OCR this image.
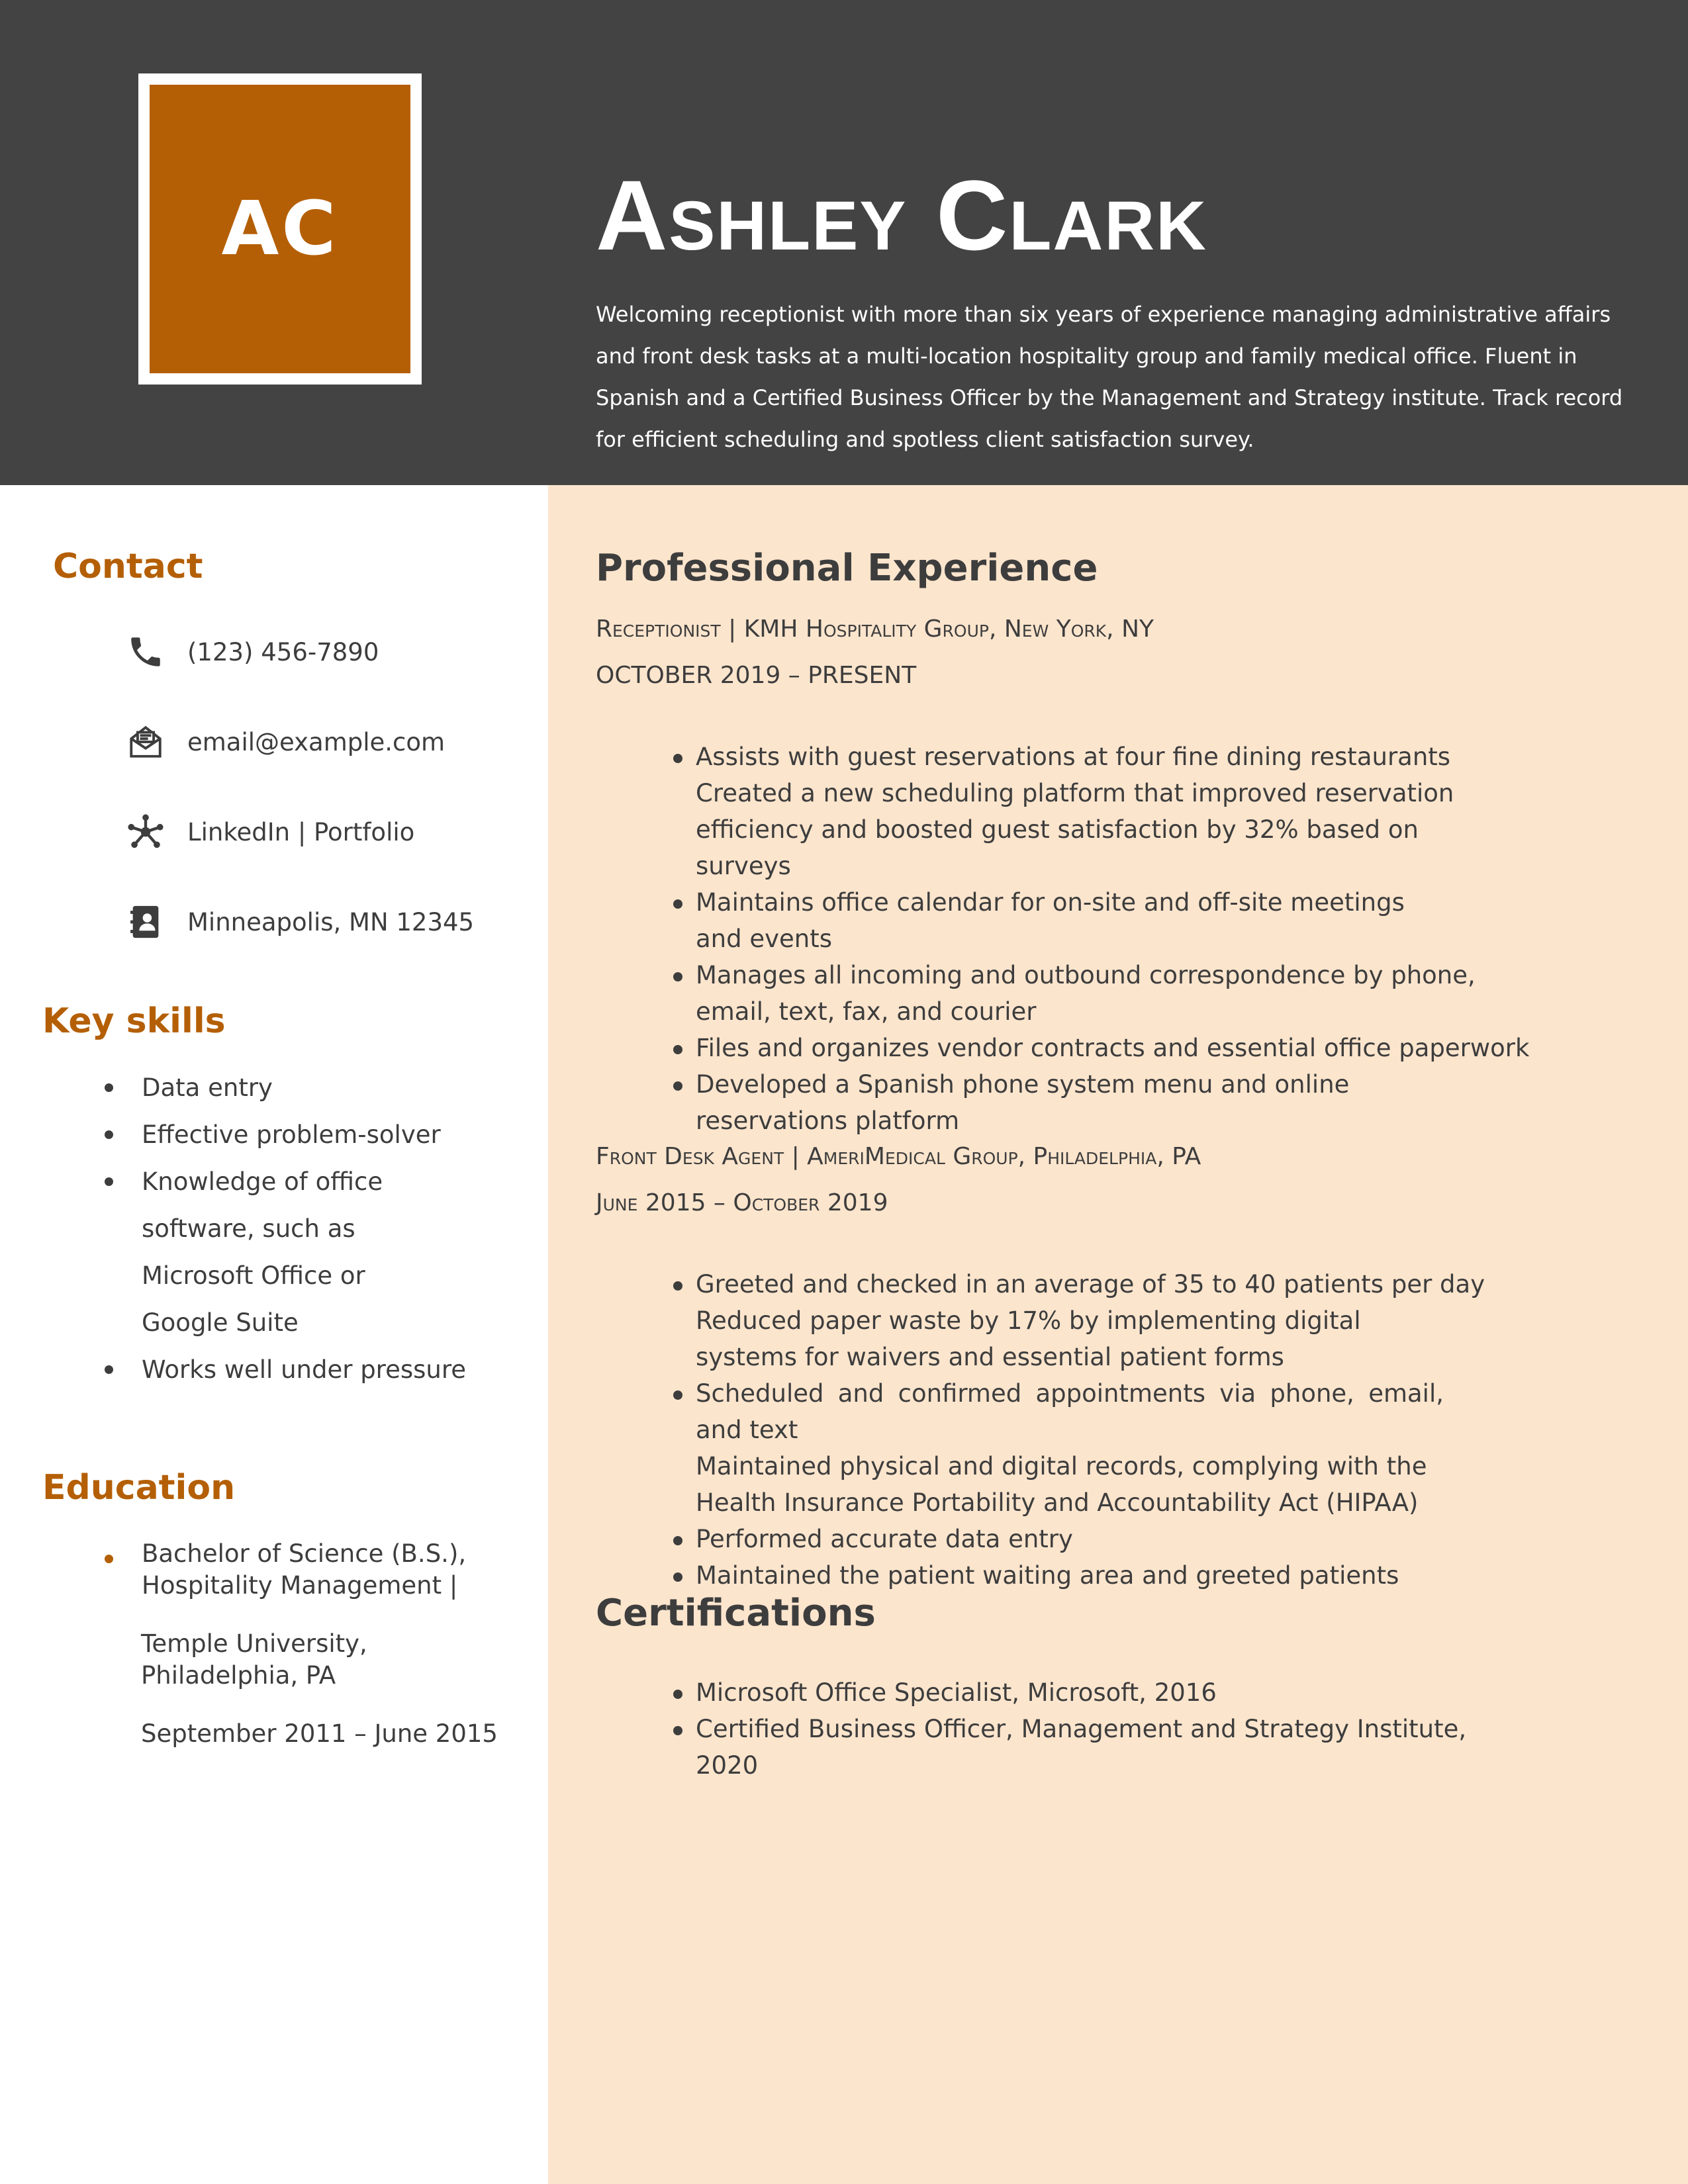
AC	Ashley Clark

Welcoming receptionist with more than six years of experience managing administrative affairs and front desk tasks at a multi-location hospitality group and family medical office. Fluent in Spanish and a Certified Business Officer by the Management and Strategy institute. Track record for efficient scheduling and spotless client satisfaction survey.

Contact
(123) 456-7890
email@example.com
LinkedIn | Portfolio
Minneapolis, MN 12345
Key skills
Data entry
Effective problem-solver
Knowledge of office software, such as Microsoft Office or Google Suite
Works well under pressure
Education
Bachelor of Science (B.S.), Hospitality Management |

Temple University, Philadelphia, PA

September 2011 – June 2015

Professional Experience

Receptionist | KMH Hospitality Group, New York, NY

OCTOBER 2019 – PRESENT

Assists with guest reservations at four fine dining restaurants
Created a new scheduling platform that improved reservation efficiency and boosted guest satisfaction by 32% based on surveys
Maintains office calendar for on-site and off-site meetings and events
Manages all incoming and outbound correspondence by phone, email, text, fax, and courier
Files and organizes vendor contracts and essential office paperwork
Developed a Spanish phone system menu and online reservations platform

Front Desk Agent | AmeriMedical Group, Philadelphia, PA

June 2015 – October 2019

Greeted and checked in an average of 35 to 40 patients per day
Reduced paper waste by 17% by implementing digital systems for waivers and essential patient forms
Scheduled and confirmed appointments via phone, email, and text
Maintained physical and digital records, complying with the Health Insurance Portability and Accountability Act (HIPAA)
Performed accurate data entry
Maintained the patient waiting area and greeted patients
Certifications
Microsoft Office Specialist, Microsoft, 2016
Certified Business Officer, Management and Strategy Institute, 2020
